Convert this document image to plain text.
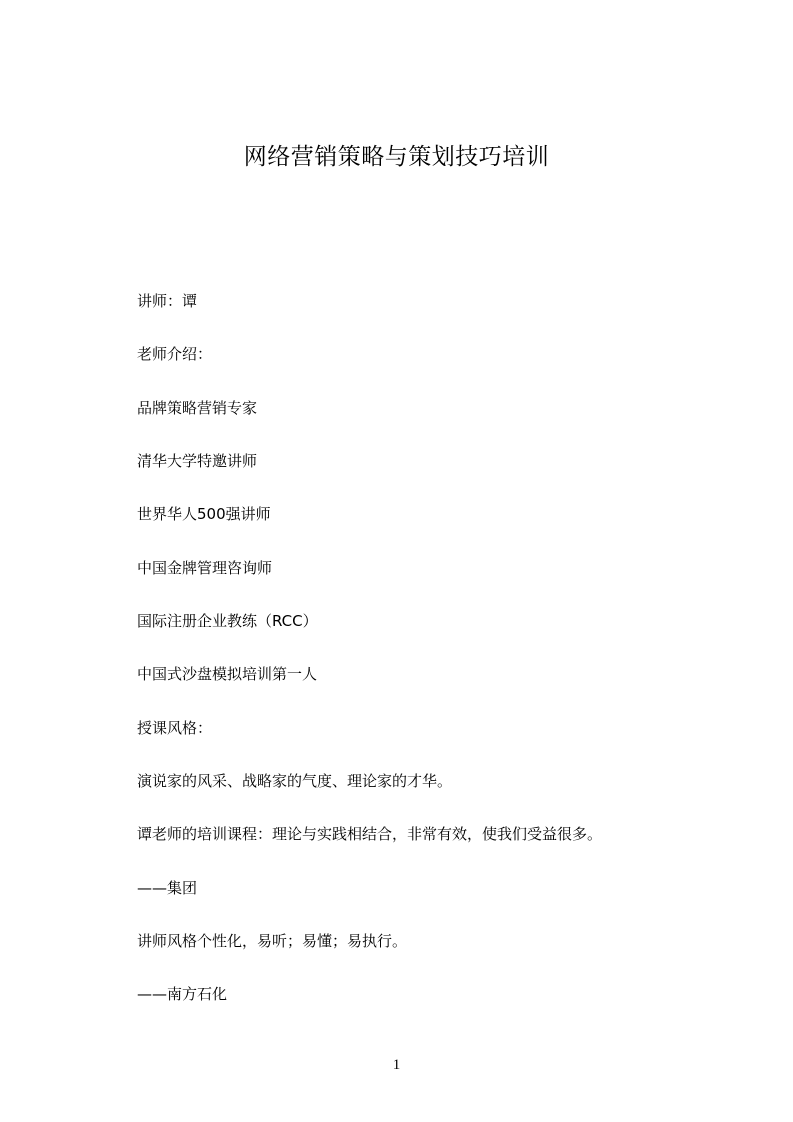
网络营销策略与策划技巧培训
讲师：谭
老师介绍：
品牌策略营销专家
清华大学特邀讲师
世界华人500强讲师
中国金牌管理咨询师
国际注册企业教练（RCC）
中国式沙盘模拟培训第一人
授课风格：
演说家的风采、战略家的气度、理论家的才华。
谭老师的培训课程：理论与实践相结合，非常有效，使我们受益很多。
——集团
讲师风格个性化，易听；易懂；易执行。
——南方石化
1
